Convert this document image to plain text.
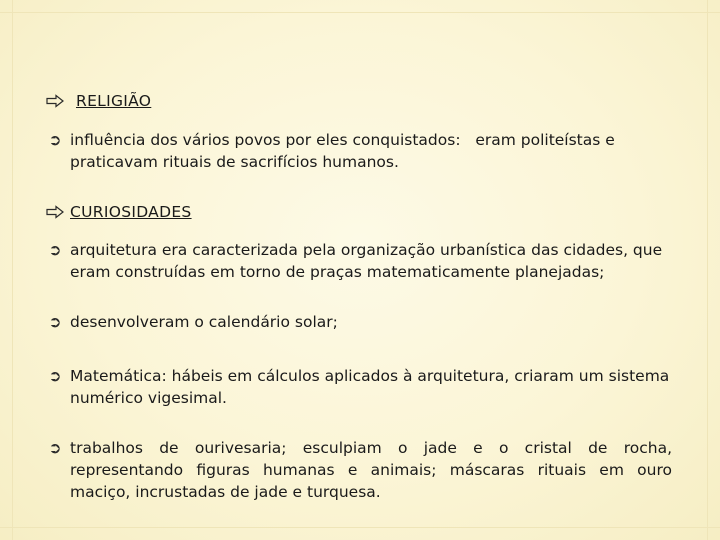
RELIGIÃO
➲ influência dos vários povos por eles conquistados:   eram politeístas e
praticavam rituais de sacrifícios humanos.
CURIOSIDADES
➲ arquitetura era caracterizada pela organização urbanística das cidades, que
eram construídas em torno de praças matematicamente planejadas;
➲ desenvolveram o calendário solar;
➲ Matemática: hábeis em cálculos aplicados à arquitetura, criaram um sistema
numérico vigesimal.
➲ trabalhos de ourivesaria; esculpiam o jade e o cristal de rocha,
representando figuras humanas e animais; máscaras rituais em ouro
maciço, incrustadas de jade e turquesa.
